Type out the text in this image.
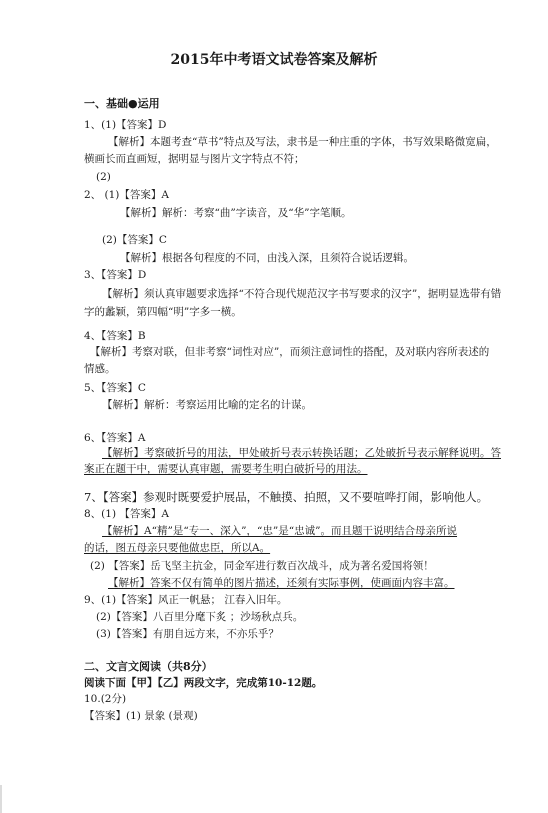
2015年中考语文试卷答案及解析
一、基础●运用
1、(1)【答案】D
【解析】本题考查“草书”特点及写法，隶书是一种庄重的字体，书写效果略微宽扁，
横画长而直画短，据明显与图片文字特点不符；
(2)
2、 (1)【答案】A
【解析】解析：考察“曲”字读音，及“华”字笔顺。
(2)【答案】C
【解析】根据各句程度的不同，由浅入深，且须符合说话逻辑。
3、【答案】D
【解析】须认真审题要求选择“不符合现代规范汉字书写要求的汉字”，据明显选带有错
字的蠡颖，第四幅“明”字多一横。
4、【答案】B
【解析】考察对联，但非考察“词性对应”，而须注意词性的搭配，及对联内容所表述的
情感。
5、【答案】C
【解析】解析：考察运用比喻的定名的计谋。
6、【答案】A
【解析】考察破折号的用法，甲处破折号表示转换话题；乙处破折号表示解释说明。答
案正在题干中，需要认真审题，需要考生明白破折号的用法。
7、【答案】参观时既要爱护展品，不触摸、拍照，又不要喧哗打闹，影响他人。
8、(1) 【答案】A
【解析】A“精”是“专一、深入”，“忠”是“忠诚”。而且题干说明结合母亲所说
的话，图五母亲只要他做忠臣，所以A。
(2) 【答案】岳飞坚主抗金，同金军进行数百次战斗，成为著名爱国将领！
【解析】答案不仅有简单的图片描述，还须有实际事例，使画面内容丰富。
9、(1)【答案】风正一帆悬； 江春入旧年。
(2)【答案】八百里分麾下炙 ；沙场秋点兵。
(3)【答案】有朋自远方来，不亦乐乎？
二、文言文阅读（共8分）
阅读下面【甲】【乙】两段文字，完成第10-12题。
10.(2分)
【答案】(1) 景象 (景观)
